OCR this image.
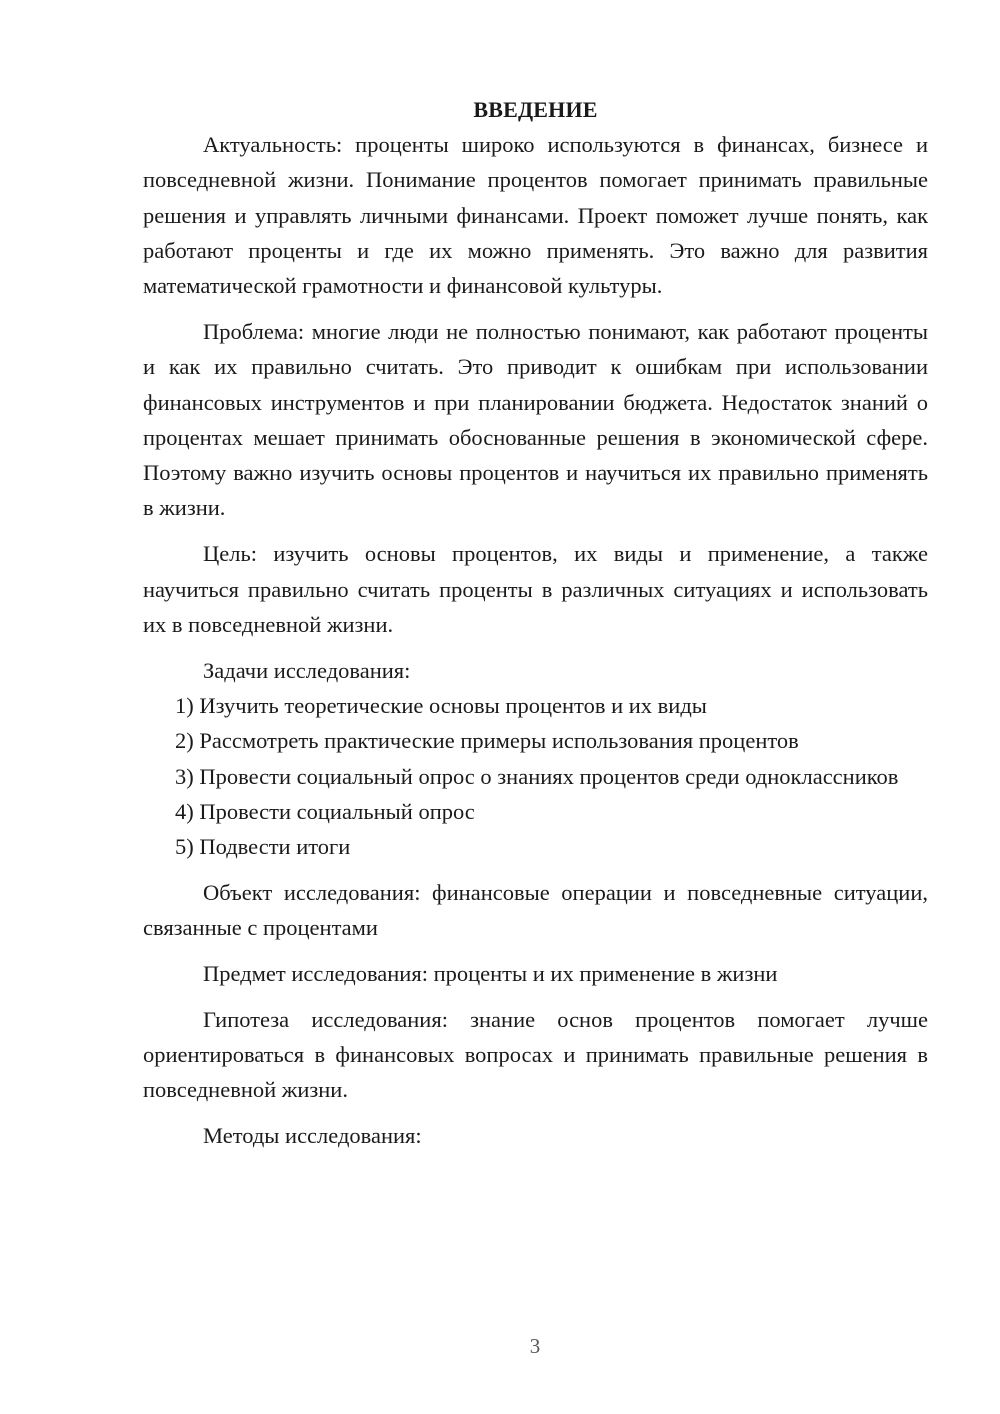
ВВЕДЕНИЕ

Актуальность: проценты широко используются в финансах, бизнесе и повседневной жизни. Понимание процентов помогает принимать правильные решения и управлять личными финансами. Проект поможет лучше понять, как работают проценты и где их можно применять. Это важно для развития математической грамотности и финансовой культуры.

Проблема: многие люди не полностью понимают, как работают проценты и как их правильно считать. Это приводит к ошибкам при использовании финансовых инструментов и при планировании бюджета. Недостаток знаний о процентах мешает принимать обоснованные решения в экономической сфере. Поэтому важно изучить основы процентов и научиться их правильно применять в жизни.

Цель: изучить основы процентов, их виды и применение, а также научиться правильно считать проценты в различных ситуациях и использовать их в повседневной жизни.

Задачи исследования:

1) Изучить теоретические основы процентов и их виды

2) Рассмотреть практические примеры использования процентов

3) Провести социальный опрос о знаниях процентов среди одноклассников

4) Провести социальный опрос

5) Подвести итоги

Объект исследования: финансовые операции и повседневные ситуации, связанные с процентами

Предмет исследования: проценты и их применение в жизни

Гипотеза исследования: знание основ процентов помогает лучше ориентироваться в финансовых вопросах и принимать правильные решения в повседневной жизни.

Методы исследования:

3
